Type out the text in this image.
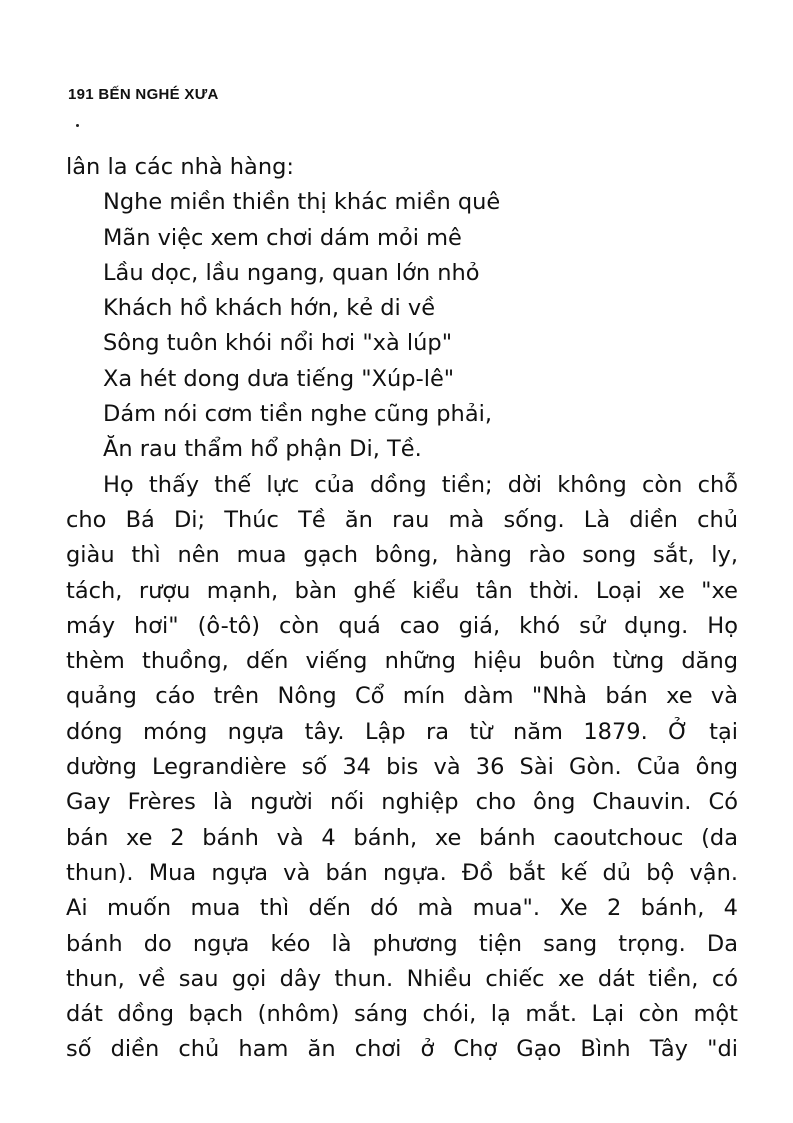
191 BẾN NGHÉ XƯA
lân la các nhà hàng:
Nghe miền thiền thị khác miền quê
Mãn việc xem chơi dám mỏi mê
Lầu dọc, lầu ngang, quan lớn nhỏ
Khách hồ khách hớn, kẻ di về
Sông tuôn khói nổi hơi "xà lúp"
Xa hét dong dưa tiếng "Xúp-lê"
Dám nói cơm tiền nghe cũng phải,
Ăn rau thẩm hổ phận Di, Tề.
Họ thấy thế lực của dồng tiền; dời không còn chỗ
cho Bá Di; Thúc Tề ăn rau mà sống. Là diền chủ
giàu thì nên mua gạch bông, hàng rào song sắt, ly,
tách, rượu mạnh, bàn ghế kiểu tân thời. Loại xe "xe
máy hơi" (ô-tô) còn quá cao giá, khó sử dụng. Họ
thèm thuồng, dến viếng những hiệu buôn từng dăng
quảng cáo trên Nông Cổ mín dàm "Nhà bán xe và
dóng móng ngựa tây. Lập ra từ năm 1879. Ở tại
dường Legrandière số 34 bis và 36 Sài Gòn. Của ông
Gay Frères là người nối nghiệp cho ông Chauvin. Có
bán xe 2 bánh và 4 bánh, xe bánh caoutchouc (da
thun). Mua ngựa và bán ngựa. Đồ bắt kế dủ bộ vận.
Ai muốn mua thì dến dó mà mua". Xe 2 bánh, 4
bánh do ngựa kéo là phương tiện sang trọng. Da
thun, về sau gọi dây thun. Nhiều chiếc xe dát tiền, có
dát dồng bạch (nhôm) sáng chói, lạ mắt. Lại còn một
số diền chủ ham ăn chơi ở Chợ Gạo Bình Tây "di
